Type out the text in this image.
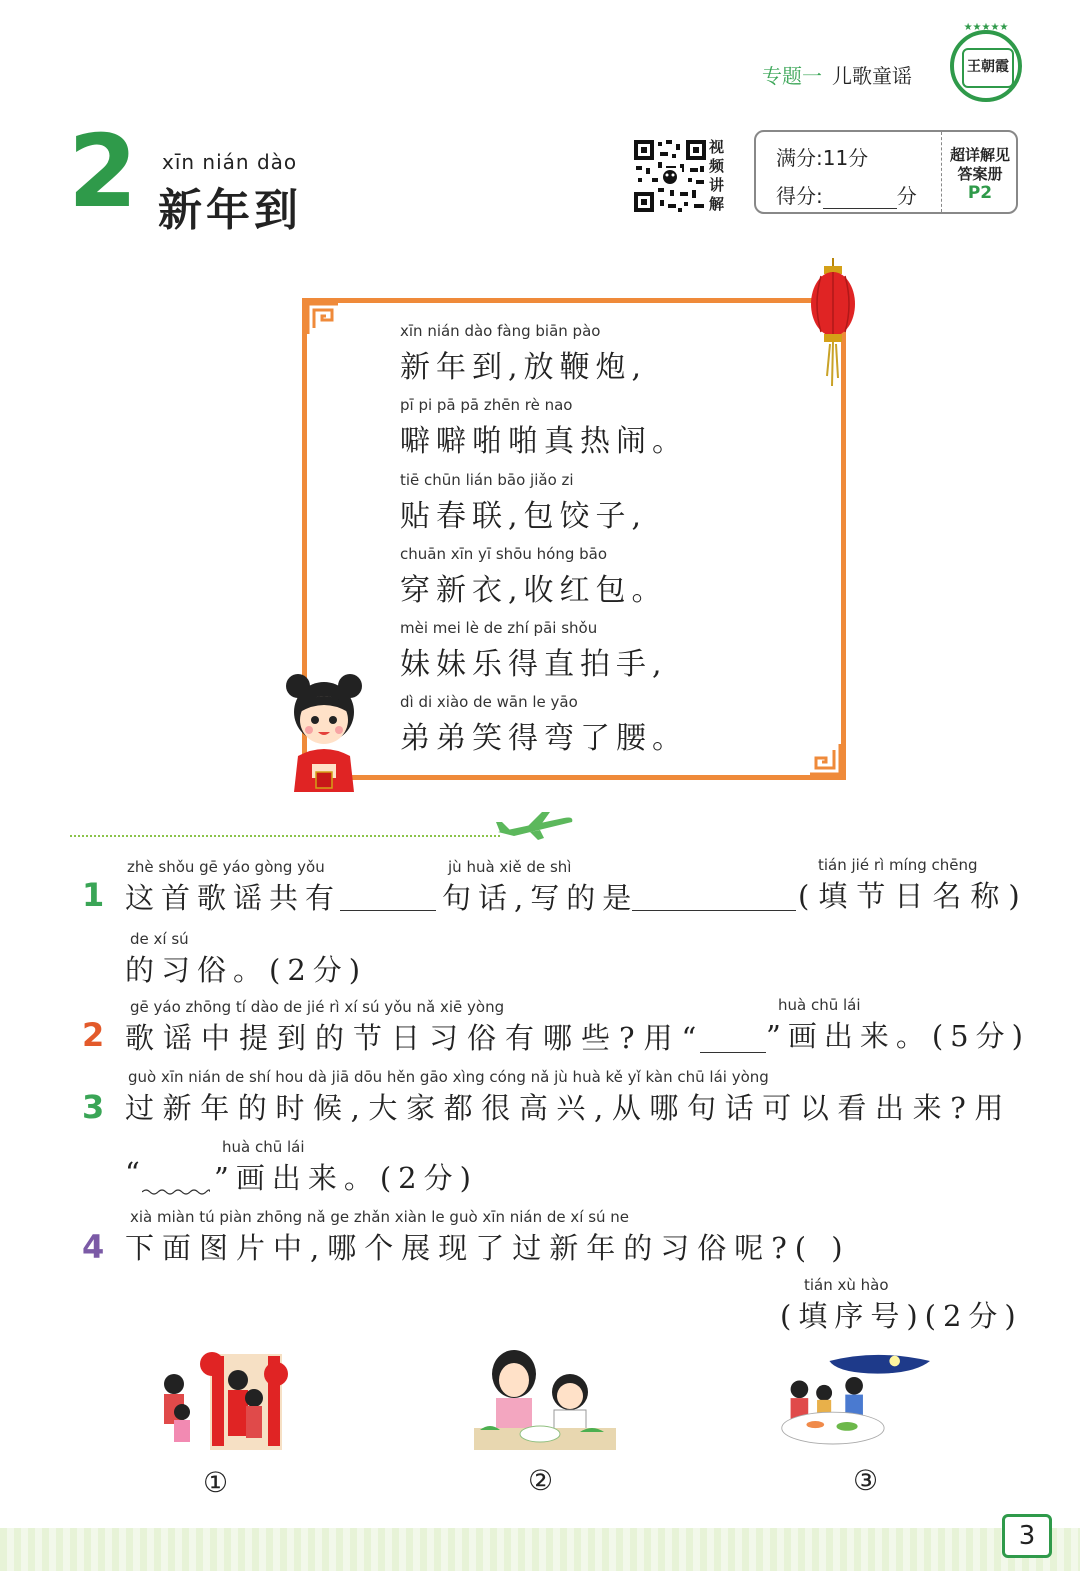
专题一 儿歌童谣
★★★★★
王朝霞
2 xīn nián dào
新年到
视
频
讲
解
满分:11分
得分:	分
超详解见
答案册
P2
xīn nián dào fàng biān pào
新年到,放鞭炮,
pī pi pā pā zhēn rè nao
噼噼啪啪真热闹。
tiē chūn lián bāo jiǎo zi
贴春联,包饺子,
chuān xīn yī shōu hóng bāo
穿新衣,收红包。
mèi mei lè de zhí pāi shǒu
妹妹乐得直拍手,
dì di xiào de wān le yāo
弟弟笑得弯了腰。
1
zhè shǒu gē yáo gòng yǒu
这首歌谣共有
jù huà xiě de shì
句话,写的是
tián jié rì míng chēng
(填节日名称)
de xí sú
的习俗。(2分)
2
gē yáo zhōng tí dào de jié rì xí sú yǒu nǎ xiē yòng
歌谣中提到的节日习俗有哪些?用“
huà chū lái
”画出来。(5分)
3
guò xīn nián de shí hou dà jiā dōu hěn gāo xìng cóng nǎ jù huà kě yǐ kàn chū lái yòng
过新年的时候,大家都很高兴,从哪句话可以看出来?用
huà chū lái
“ ”画出来。(2分)
4
xià miàn tú piàn zhōng nǎ ge zhǎn xiàn le guò xīn nián de xí sú ne
下面图片中,哪个展现了过新年的习俗呢?( )
tián xù hào
(填序号)(2分)
①	②	③
3
